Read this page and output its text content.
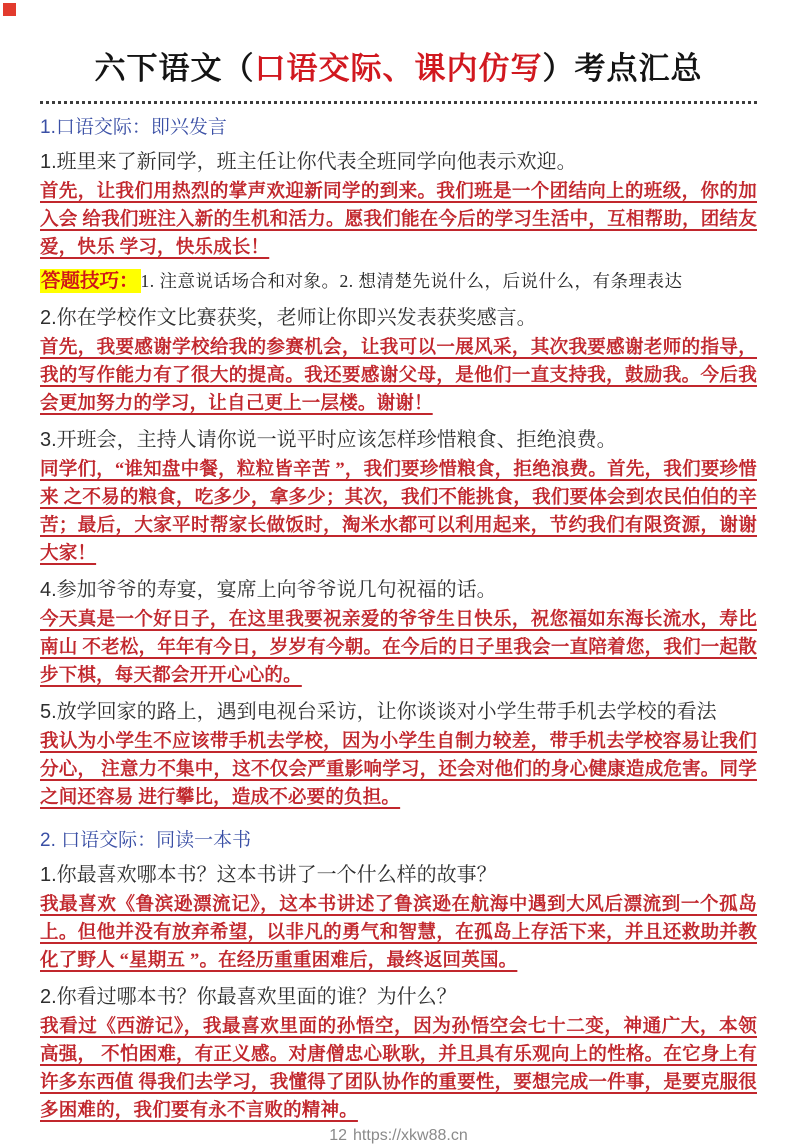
六下语文（口语交际、课内仿写）考点汇总
1.口语交际：即兴发言

1.班里来了新同学，班主任让你代表全班同学向他表示欢迎。

首先，让我们用热烈的掌声欢迎新同学的到来。我们班是一个团结向上的班级，你的加入会 给我们班注入新的生机和活力。愿我们能在今后的学习生活中，互相帮助，团结友爱，快乐 学习，快乐成长！

答题技巧： 1. 注意说话场合和对象。2. 想清楚先说什么，后说什么，有条理表达

2.你在学校作文比赛获奖，老师让你即兴发表获奖感言。

首先，我要感谢学校给我的参赛机会，让我可以一展风采，其次我要感谢老师的指导，我的写作能力有了很大的提高。我还要感谢父母，是他们一直支持我，鼓励我。今后我会更加努力的学习，让自己更上一层楼。谢谢！

3.开班会，主持人请你说一说平时应该怎样珍惜粮食、拒绝浪费。

同学们，“谁知盘中餐，粒粒皆辛苦 ”，我们要珍惜粮食，拒绝浪费。首先，我们要珍惜来 之不易的粮食，吃多少，拿多少；其次，我们不能挑食，我们要体会到农民伯伯的辛苦；最后，大家平时帮家长做饭时，淘米水都可以利用起来，节约我们有限资源，谢谢大家！

4.参加爷爷的寿宴，宴席上向爷爷说几句祝福的话。

今天真是一个好日子，在这里我要祝亲爱的爷爷生日快乐，祝您福如东海长流水，寿比南山 不老松，年年有今日，岁岁有今朝。在今后的日子里我会一直陪着您，我们一起散步下棋，每天都会开开心心的。

5.放学回家的路上，遇到电视台采访，让你谈谈对小学生带手机去学校的看法

我认为小学生不应该带手机去学校，因为小学生自制力较差，带手机去学校容易让我们分心， 注意力不集中，这不仅会严重影响学习，还会对他们的身心健康造成危害。同学之间还容易 进行攀比，造成不必要的负担。

2. 口语交际：同读一本书

1.你最喜欢哪本书？这本书讲了一个什么样的故事？

我最喜欢《鲁滨逊漂流记》，这本书讲述了鲁滨逊在航海中遇到大风后漂流到一个孤岛上。但他并没有放弃希望，以非凡的勇气和智慧，在孤岛上存活下来，并且还救助并教化了野人 “星期五 ”。在经历重重困难后，最终返回英国。

2.你看过哪本书？你最喜欢里面的谁？为什么？

我看过《西游记》，我最喜欢里面的孙悟空，因为孙悟空会七十二变，神通广大，本领高强， 不怕困难，有正义感。对唐僧忠心耿耿，并且具有乐观向上的性格。在它身上有许多东西值 得我们去学习，我懂得了团队协作的重要性，要想完成一件事，是要克服很多困难的，我们要有永不言败的精神。

12 https://xkw88.cn
